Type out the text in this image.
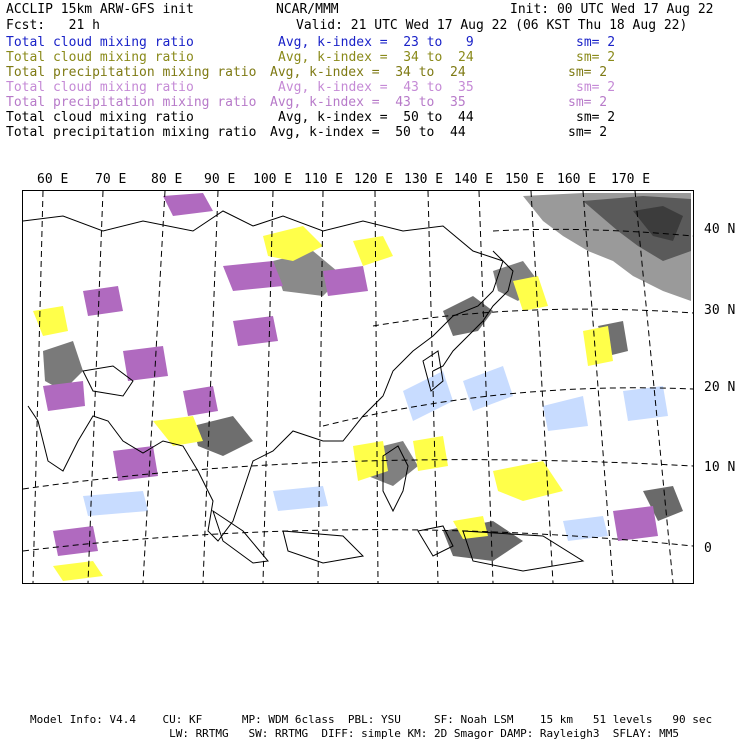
ACCLIP 15km ARW-GFS init	NCAR/MMM	Init: 00 UTC Wed 17 Aug 22
Fcst:   21 h	Valid: 21 UTC Wed 17 Aug 22 (06 KST Thu 18 Aug 22)
Total cloud mixing ratio	Avg, k-index =  23 to   9	sm= 2
Total cloud mixing ratio	Avg, k-index =  34 to  24	sm= 2
Total precipitation mixing ratio Avg, k-index =  34 to  24	sm= 2
Total cloud mixing ratio	Avg, k-index =  43 to  35	sm= 2
Total precipitation mixing ratio Avg, k-index =  43 to  35	sm= 2
Total cloud mixing ratio	Avg, k-index =  50 to  44	sm= 2
Total precipitation mixing ratio Avg, k-index =  50 to  44	sm= 2
60 E 70 E 80 E 90 E 100 E 110 E 120 E 130 E 140 E 150 E 160 E 170 E
40 N
30 N
20 N
10 N
0
Model Info: V4.4    CU: KF      MP: WDM 6class  PBL: YSU     SF: Noah LSM    15 km   51 levels   90 sec
LW: RRTMG   SW: RRTMG  DIFF: simple KM: 2D Smagor DAMP: Rayleigh3  SFLAY: MM5
